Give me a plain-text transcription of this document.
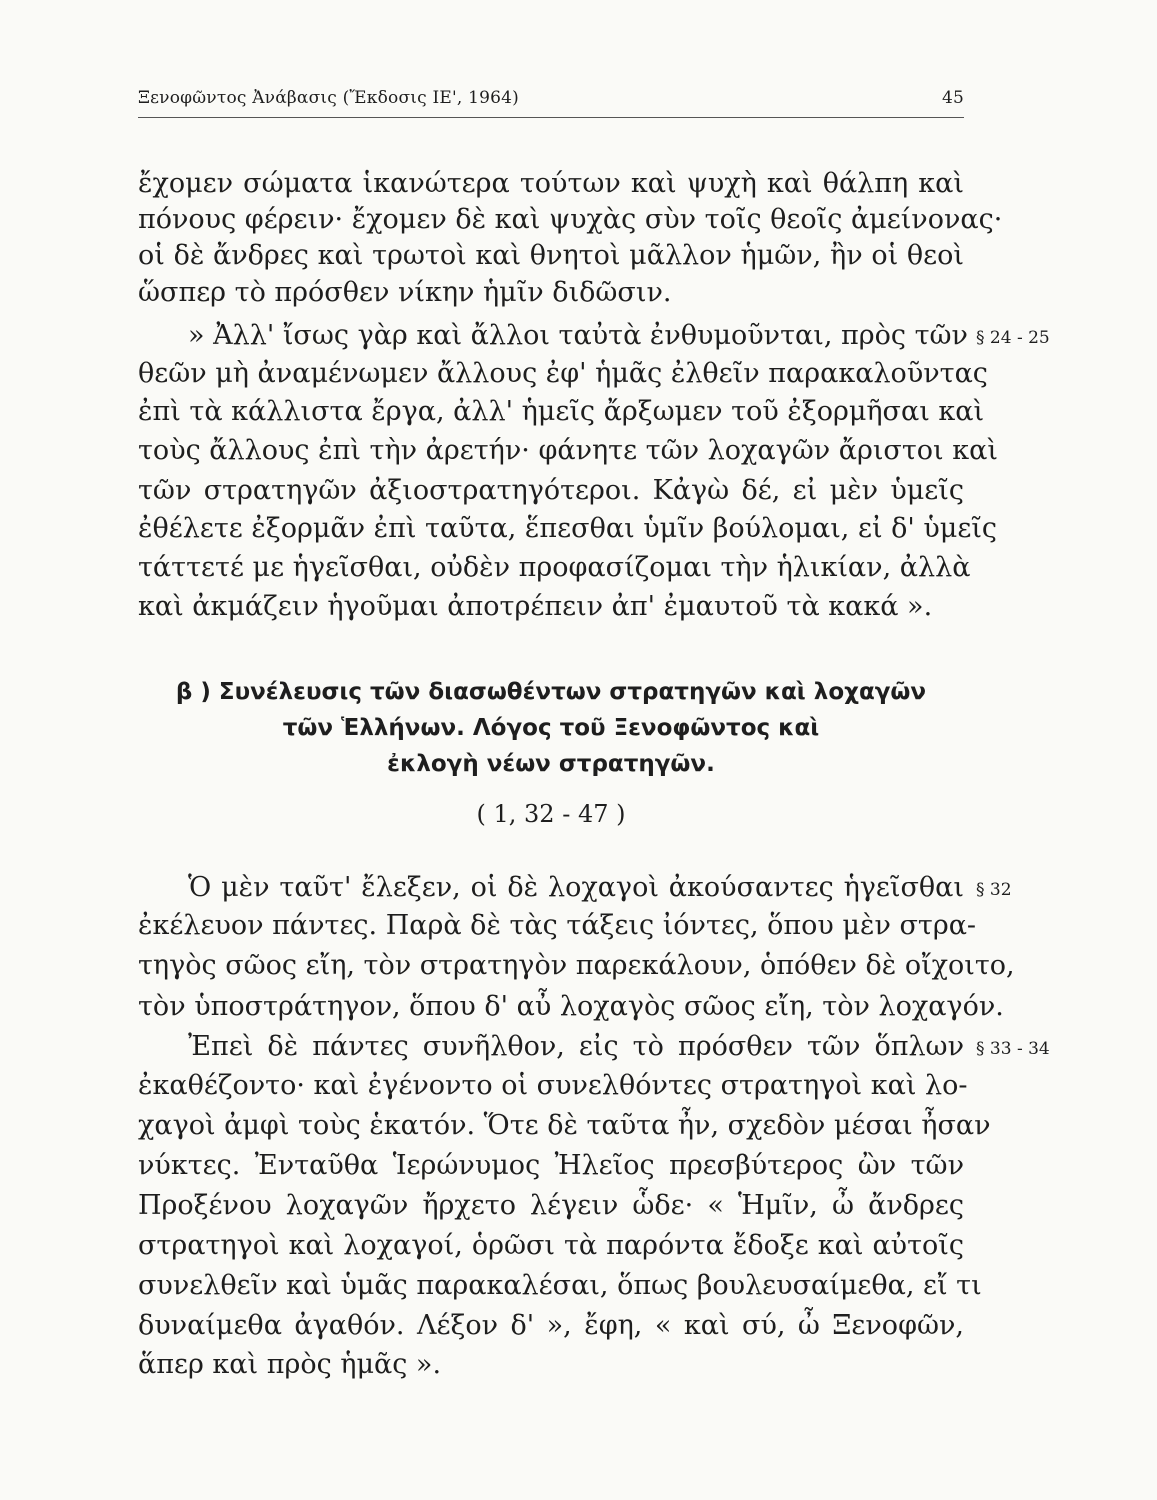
Ξενοφῶντος Ἀνάβασις (Ἔκδοσις ΙΕ', 1964)	45
ἔχομεν σώματα ἱκανώτερα τούτων καὶ ψυχὴ καὶ θάλπη καὶ
πόνους φέρειν· ἔχομεν δὲ καὶ ψυχὰς σὺν τοῖς θεοῖς ἀμείνονας·
οἱ δὲ ἄνδρες καὶ τρωτοὶ καὶ θνητοὶ μᾶλλον ἡμῶν, ἢν οἱ θεοὶ
ὥσπερ τὸ πρόσθεν νίκην ἡμῖν διδῶσιν.
» Ἀλλ' ἴσως γὰρ καὶ ἄλλοι ταὐτὰ ἐνθυμοῦνται, πρὸς τῶν § 24 - 25
θεῶν μὴ ἀναμένωμεν ἄλλους ἐφ' ἡμᾶς ἐλθεῖν παρακαλοῦντας
ἐπὶ τὰ κάλλιστα ἔργα, ἀλλ' ἡμεῖς ἄρξωμεν τοῦ ἐξορμῆσαι καὶ
τοὺς ἄλλους ἐπὶ τὴν ἀρετήν· φάνητε τῶν λοχαγῶν ἄριστοι καὶ
τῶν στρατηγῶν ἀξιοστρατηγότεροι. Κἀγὼ δέ, εἰ μὲν ὑμεῖς
ἐθέλετε ἐξορμᾶν ἐπὶ ταῦτα, ἕπεσθαι ὑμῖν βούλομαι, εἰ δ' ὑμεῖς
τάττετέ με ἡγεῖσθαι, οὐδὲν προφασίζομαι τὴν ἡλικίαν, ἀλλὰ
καὶ ἀκμάζειν ἡγοῦμαι ἀποτρέπειν ἀπ' ἐμαυτοῦ τὰ κακά ».
β ) Συνέλευσις τῶν διασωθέντων στρατηγῶν καὶ λοχαγῶν
τῶν Ἑλλήνων. Λόγος τοῦ Ξενοφῶντος καὶ
ἐκλογὴ νέων στρατηγῶν.
( 1, 32 - 47 )
Ὁ μὲν ταῦτ' ἔλεξεν, οἱ δὲ λοχαγοὶ ἀκούσαντες ἡγεῖσθαι § 32
ἐκέλευον πάντες. Παρὰ δὲ τὰς τάξεις ἰόντες, ὅπου μὲν στρα-
τηγὸς σῶος εἴη, τὸν στρατηγὸν παρεκάλουν, ὁπόθεν δὲ οἴχοιτο,
τὸν ὑποστράτηγον, ὅπου δ' αὖ λοχαγὸς σῶος εἴη, τὸν λοχαγόν.
Ἐπεὶ δὲ πάντες συνῆλθον, εἰς τὸ πρόσθεν τῶν ὅπλων § 33 - 34
ἐκαθέζοντο· καὶ ἐγένοντο οἱ συνελθόντες στρατηγοὶ καὶ λο-
χαγοὶ ἀμφὶ τοὺς ἑκατόν. Ὅτε δὲ ταῦτα ἦν, σχεδὸν μέσαι ἦσαν
νύκτες. Ἐνταῦθα Ἱερώνυμος Ἠλεῖος πρεσβύτερος ὢν τῶν
Προξένου λοχαγῶν ἤρχετο λέγειν ὧδε· « Ἡμῖν, ὦ ἄνδρες
στρατηγοὶ καὶ λοχαγοί, ὁρῶσι τὰ παρόντα ἔδοξε καὶ αὐτοῖς
συνελθεῖν καὶ ὑμᾶς παρακαλέσαι, ὅπως βουλευσαίμεθα, εἴ τι
δυναίμεθα ἀγαθόν. Λέξον δ' », ἔφη, « καὶ σύ, ὦ Ξενοφῶν,
ἅπερ καὶ πρὸς ἡμᾶς ».
